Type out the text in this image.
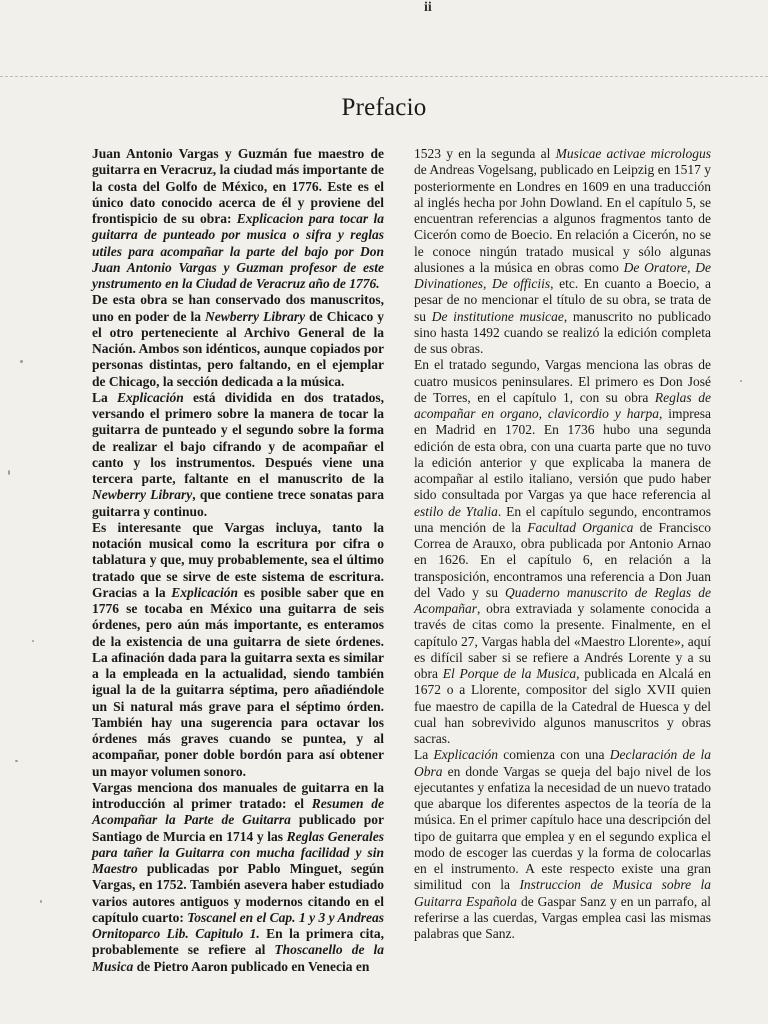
ii
Prefacio

Juan Antonio Vargas y Guzmán fue maestro de guitarra en Veracruz, la ciudad más importante de la costa del Golfo de México, en 1776. Este es el único dato conocido acerca de él y proviene del frontispicio de su obra: Explicacion para tocar la guitarra de punteado por musica o sifra y reglas utiles para acompañar la parte del bajo por Don Juan Antonio Vargas y Guzman profesor de este ynstrumento en la Ciudad de Veracruz año de 1776.

De esta obra se han conservado dos manuscritos, uno en poder de la Newberry Library de Chicaco y el otro perteneciente al Archivo General de la Nación. Ambos son idénticos, aunque copiados por personas distintas, pero faltando, en el ejemplar de Chicago, la sección dedicada a la música.

La Explicación está dividida en dos tratados, versando el primero sobre la manera de tocar la guitarra de punteado y el segundo sobre la forma de realizar el bajo cifrando y de acompañar el canto y los instrumentos. Después viene una tercera parte, faltante en el manuscrito de la Newberry Library, que contiene trece sonatas para guitarra y continuo.

Es interesante que Vargas incluya, tanto la notación musical como la escritura por cifra o tablatura y que, muy probablemente, sea el último tratado que se sirve de este sistema de escritura. Gracias a la Explicación es posible saber que en 1776 se tocaba en México una guitarra de seis órdenes, pero aún más importante, es enteramos de la existencia de una guitarra de siete órdenes. La afinación dada para la guitarra sexta es similar a la empleada en la actualidad, siendo también igual la de la guitarra séptima, pero añadiéndole un Si natural más grave para el séptimo órden. También hay una sugerencia para octavar los órdenes más graves cuando se puntea, y al acompañar, poner doble bordón para así obtener un mayor volumen sonoro.

Vargas menciona dos manuales de guitarra en la introducción al primer tratado: el Resumen de Acompañar la Parte de Guitarra publicado por Santiago de Murcia en 1714 y las Reglas Generales para tañer la Guitarra con mucha facilidad y sin Maestro publicadas por Pablo Minguet, según Vargas, en 1752. También asevera haber estudiado varios autores antiguos y modernos citando en el capítulo cuarto: Toscanel en el Cap. 1 y 3 y Andreas Ornitoparco Lib. Capitulo 1. En la primera cita, probablemente se refiere al Thoscanello de la Musica de Pietro Aaron publicado en Venecia en

1523 y en la segunda al Musicae activae micrologus de Andreas Vogelsang, publicado en Leipzig en 1517 y posteriormente en Londres en 1609 en una traducción al inglés hecha por John Dowland. En el capítulo 5, se encuentran referencias a algunos fragmentos tanto de Cicerón como de Boecio. En relación a Cicerón, no se le conoce ningún tratado musical y sólo algunas alusiones a la música en obras como De Oratore, De Divinationes, De officiis, etc. En cuanto a Boecio, a pesar de no mencionar el título de su obra, se trata de su De institutione musicae, manuscrito no publicado sino hasta 1492 cuando se realizó la edición completa de sus obras.

En el tratado segundo, Vargas menciona las obras de cuatro musicos peninsulares. El primero es Don José de Torres, en el capítulo 1, con su obra Reglas de acompañar en organo, clavicordio y harpa, impresa en Madrid en 1702. En 1736 hubo una segunda edición de esta obra, con una cuarta parte que no tuvo la edición anterior y que explicaba la manera de acompañar al estilo italiano, versión que pudo haber sido consultada por Vargas ya que hace referencia al estilo de Ytalia. En el capítulo segundo, encontramos una mención de la Facultad Organica de Francisco Correa de Arauxo, obra publicada por Antonio Arnao en 1626. En el capítulo 6, en relación a la transposición, encontramos una referencia a Don Juan del Vado y su Quaderno manuscrito de Reglas de Acompañar, obra extraviada y solamente conocida a través de citas como la presente. Finalmente, en el capítulo 27, Vargas habla del «Maestro Llorente», aquí es difícil saber si se refiere a Andrés Lorente y a su obra El Porque de la Musica, publicada en Alcalá en 1672 o a Llorente, compositor del siglo XVII quien fue maestro de capilla de la Catedral de Huesca y del cual han sobrevivido algunos manuscritos y obras sacras.

La Explicación comienza con una Declaración de la Obra en donde Vargas se queja del bajo nivel de los ejecutantes y enfatiza la necesidad de un nuevo tratado que abarque los diferentes aspectos de la teoría de la música. En el primer capítulo hace una descripción del tipo de guitarra que emplea y en el segundo explica el modo de escoger las cuerdas y la forma de colocarlas en el instrumento. A este respecto existe una gran similitud con la Instruccion de Musica sobre la Guitarra Española de Gaspar Sanz y en un parrafo, al referirse a las cuerdas, Vargas emplea casi las mismas palabras que Sanz.
